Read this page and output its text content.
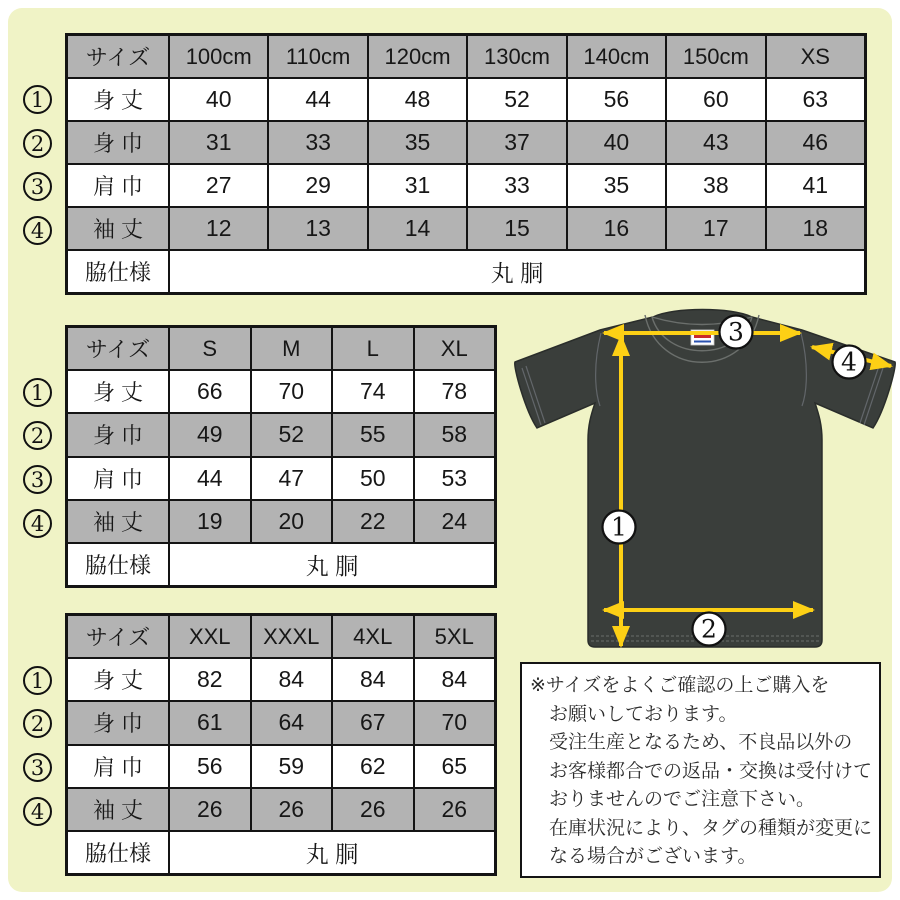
サイズ	100cm	110cm	120cm	130cm	140cm	150cm	XS
身 丈	40	44	48	52	56	60	63
身 巾	31	33	35	37	40	43	46
肩 巾	27	29	31	33	35	38	41
袖 丈	12	13	14	15	16	17	18
脇仕様	丸 胴
サイズ	S	M	L	XL
身 丈	66	70	74	78
身 巾	49	52	55	58
肩 巾	44	47	50	53
袖 丈	19	20	22	24
脇仕様	丸 胴
サイズ	XXL	XXXL	4XL	5XL
身 丈	82	84	84	84
身 巾	61	64	67	70
肩 巾	56	59	62	65
袖 丈	26	26	26	26
脇仕様	丸 胴
1
2
3
4
1
2
3
4
1
2
3
4
1
2
3
4
※サイズをよくご確認の上ご購入を
お願いしております。
受注生産となるため、不良品以外の
お客様都合での返品・交換は受付けて
おりませんのでご注意下さい。
在庫状況により、タグの種類が変更に
なる場合がございます。
